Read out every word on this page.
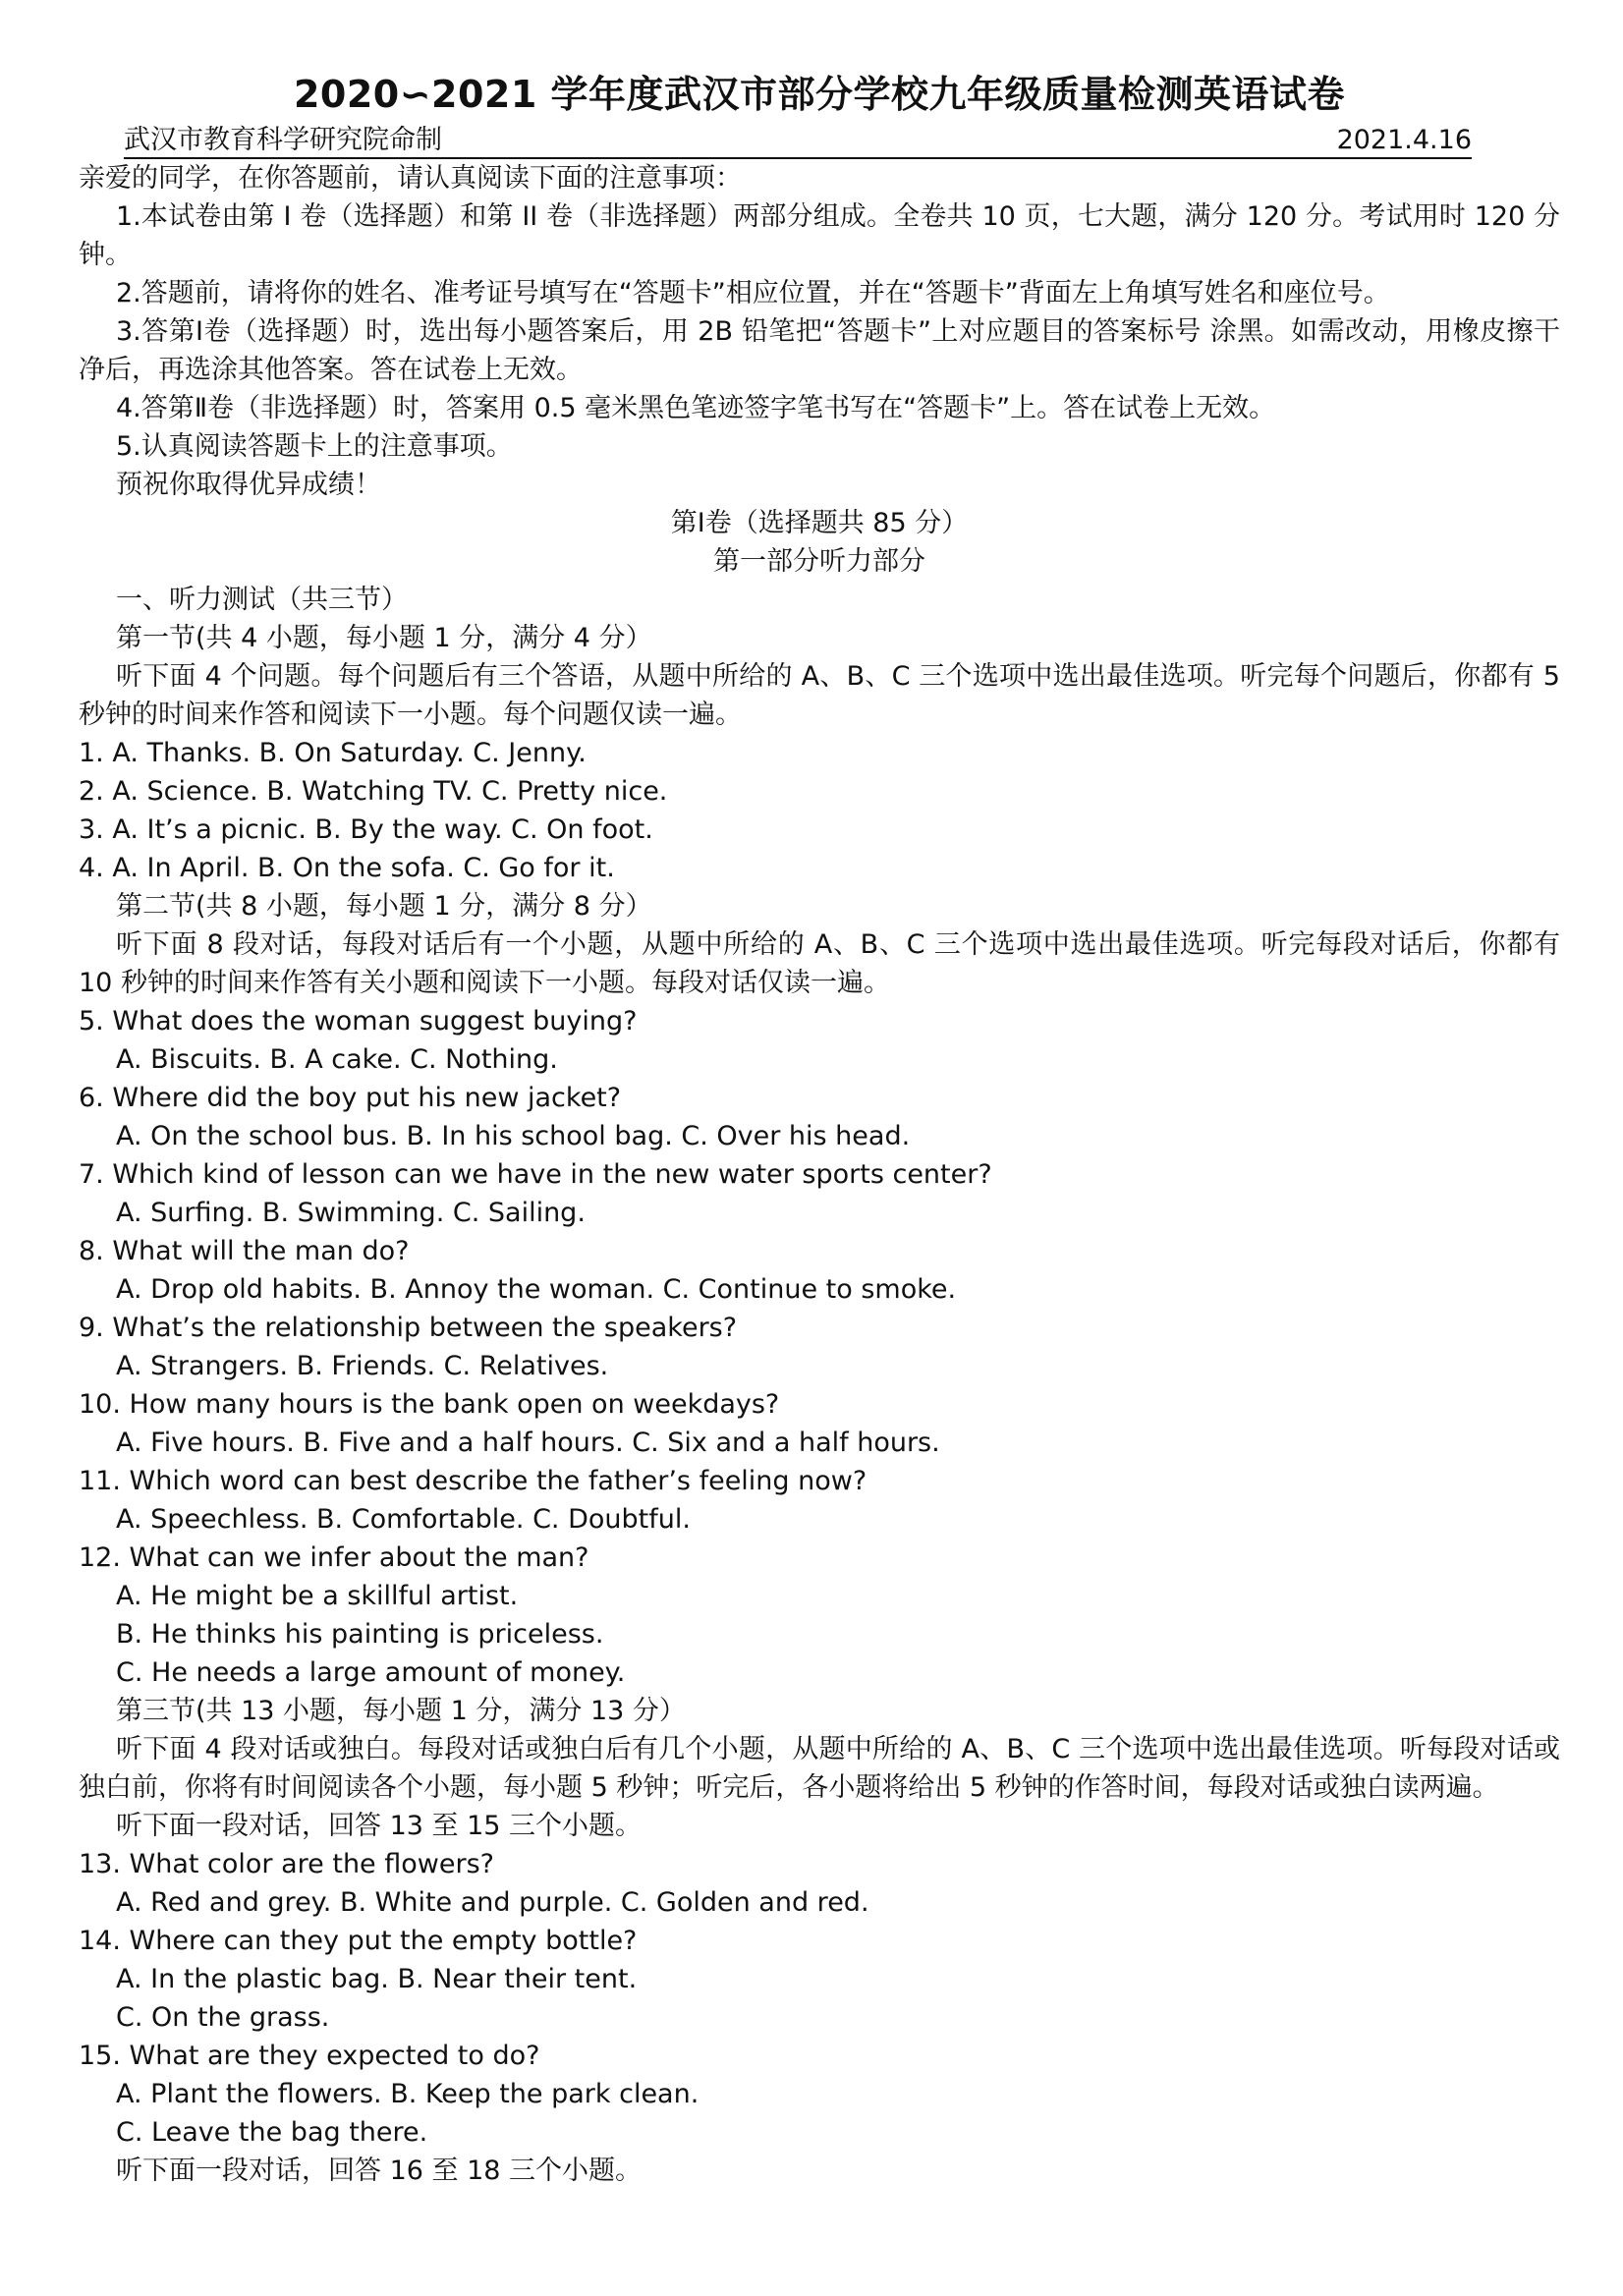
2020∽2021 学年度武汉市部分学校九年级质量检测英语试卷
武汉市教育科学研究院命制	2021.4.16

亲爱的同学，在你答题前，请认真阅读下面的注意事项：

1.本试卷由第 I 卷（选择题）和第 II 卷（非选择题）两部分组成。全卷共 10 页，七大题，满分 120 分。考试用时 120 分钟。

2.答题前，请将你的姓名、准考证号填写在“答题卡”相应位置，并在“答题卡”背面左上角填写姓名和座位号。

3.答第Ⅰ卷（选择题）时，选出每小题答案后，用 2B 铅笔把“答题卡”上对应题目的答案标号 涂黑。如需改动，用橡皮擦干净后，再选涂其他答案。答在试卷上无效。

4.答第Ⅱ卷（非选择题）时，答案用 0.5 毫米黑色笔迹签字笔书写在“答题卡”上。答在试卷上无效。

5.认真阅读答题卡上的注意事项。

预祝你取得优异成绩！

第Ⅰ卷（选择题共 85 分）

第一部分听力部分

一、听力测试（共三节）

第一节(共 4 小题，每小题 1 分，满分 4 分）

听下面 4 个问题。每个问题后有三个答语，从题中所给的 A、B、C 三个选项中选出最佳选项。听完每个问题后，你都有 5 秒钟的时间来作答和阅读下一小题。每个问题仅读一遍。

1. A. Thanks. B. On Saturday. C. Jenny.

2. A. Science. B. Watching TV. C. Pretty nice.

3. A. It’s a picnic. B. By the way. C. On foot.

4. A. In April. B. On the sofa. C. Go for it.

第二节(共 8 小题，每小题 1 分，满分 8 分）

听下面 8 段对话，每段对话后有一个小题，从题中所给的 A、B、C 三个选项中选出最佳选项。听完每段对话后，你都有 10 秒钟的时间来作答有关小题和阅读下一小题。每段对话仅读一遍。

5. What does the woman suggest buying?

A. Biscuits. B. A cake. C. Nothing.

6. Where did the boy put his new jacket?

A. On the school bus. B. In his school bag. C. Over his head.

7. Which kind of lesson can we have in the new water sports center?

A. Surfing. B. Swimming. C. Sailing.

8. What will the man do?

A. Drop old habits. B. Annoy the woman. C. Continue to smoke.

9. What’s the relationship between the speakers?

A. Strangers. B. Friends. C. Relatives.

10. How many hours is the bank open on weekdays?

A. Five hours. B. Five and a half hours. C. Six and a half hours.

11. Which word can best describe the father’s feeling now?

A. Speechless. B. Comfortable. C. Doubtful.

12. What can we infer about the man?

A. He might be a skillful artist.

B. He thinks his painting is priceless.

C. He needs a large amount of money.

第三节(共 13 小题，每小题 1 分，满分 13 分）

听下面 4 段对话或独白。每段对话或独白后有几个小题，从题中所给的 A、B、C 三个选项中选出最佳选项。听每段对话或独白前，你将有时间阅读各个小题，每小题 5 秒钟；听完后，各小题将给出 5 秒钟的作答时间，每段对话或独白读两遍。

听下面一段对话，回答 13 至 15 三个小题。

13. What color are the flowers?

A. Red and grey. B. White and purple. C. Golden and red.

14. Where can they put the empty bottle?

A. In the plastic bag. B. Near their tent.

C. On the grass.

15. What are they expected to do?

A. Plant the flowers. B. Keep the park clean.

C. Leave the bag there.

听下面一段对话，回答 16 至 18 三个小题。
